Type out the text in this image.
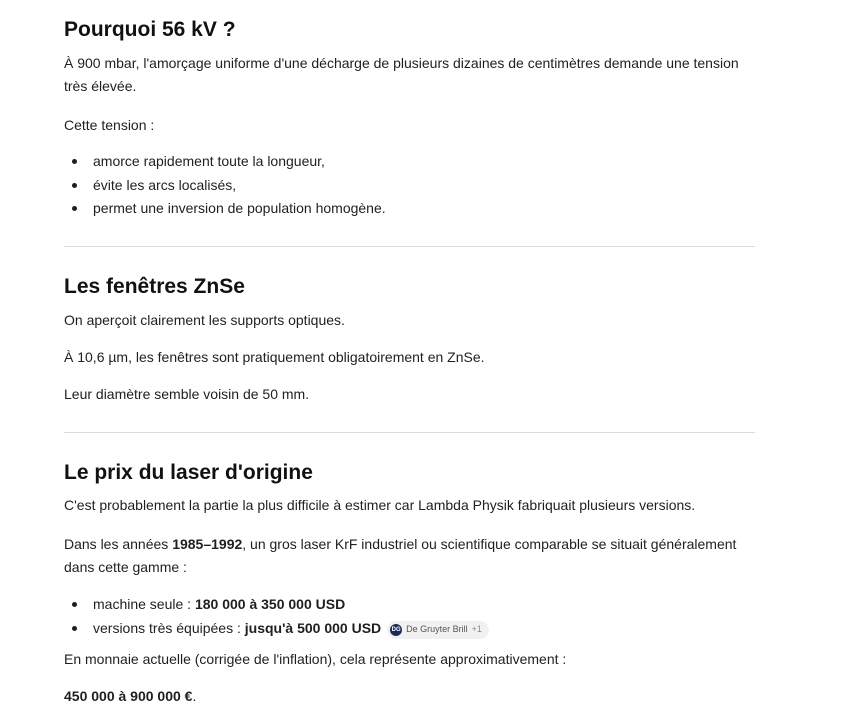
Pourquoi 56 kV ?

À 900 mbar, l'amorçage uniforme d'une décharge de plusieurs dizaines de centimètres demande une tension très élevée.

Cette tension :

amorce rapidement toute la longueur,
évite les arcs localisés,
permet une inversion de population homogène.
Les fenêtres ZnSe

On aperçoit clairement les supports optiques.

À 10,6 µm, les fenêtres sont pratiquement obligatoirement en ZnSe.

Leur diamètre semble voisin de 50 mm.

Le prix du laser d'origine

C'est probablement la partie la plus difficile à estimer car Lambda Physik fabriquait plusieurs versions.

Dans les années 1985–1992, un gros laser KrF industriel ou scientifique comparable se situait généralement dans cette gamme :

machine seule : 180 000 à 350 000 USD
versions très équipées : jusqu'à 500 000 USD DG De Gruyter Brill +1

En monnaie actuelle (corrigée de l'inflation), cela représente approximativement :

450 000 à 900 000 €.
